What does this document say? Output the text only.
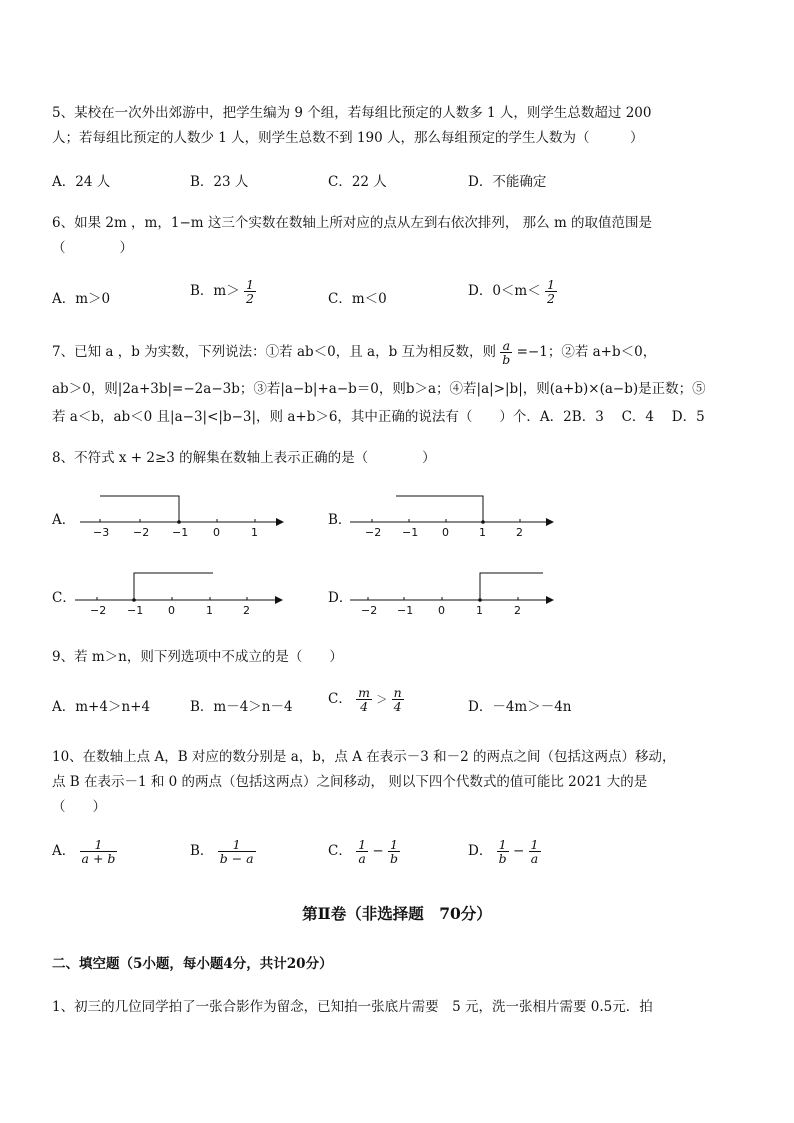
5、某校在一次外出郊游中，把学生编为 9 个组，若每组比预定的人数多 1 人，则学生总数超过 200
人；若每组比预定的人数少 1 人，则学生总数不到 190 人，那么每组预定的学生人数为（　　　）
A．24 人	B．23 人	C．22 人	D．不能确定
6、如果 2m ，m，1−m 这三个实数在数轴上所对应的点从左到右依次排列， 那么 m 的取值范围是
（　　　　）
A．m＞0	B．$m> \frac{1}{2}$	C．m＜0	D．$0<m< \frac{1}{2}$
7、已知 a ，b 为实数，下列说法：①若 ab＜0，且 a，b 互为相反数，则 $\frac{a}{b} =-1$；②若 a+b＜0，
ab＞0，则|2a+3b|=−2a−3b；③若|a−b|+a−b＝0，则b＞a；④若|a|>|b|，则(a+b)×(a−b)是正数；⑤
若 a＜b，ab＜0 且|a−3|<|b−3|，则 a+b＞6，其中正确的说法有（　　）个．A．2B．3　 C．4　 D．5
8、不符式 x + 2≥3 的解集在数轴上表示正确的是（　　　　）
A．	B．
C．	D．
−3 −2 −1 0	1	−2 −1 0	1	2
−2 −1 0	1	2	−2 −1 0	1	2
9、若 m＞n，则下列选项中不成立的是（　　）
A．m+4＞n+4	B．m－4＞n－4	C． $\frac{m}{4} > \frac{n}{4}$	D．－4m＞－4n
10、在数轴上点 A，B 对应的数分别是 a，b，点 A 在表示－3 和－2 的两点之间（包括这两点）移动，
点 B 在表示－1 和 0 的两点（包括这两点）之间移动， 则以下四个代数式的值可能比 2021 大的是
（　　）
A． $\frac{1}{a + b}$	B． $\frac{1}{b - a}$	C． $\frac{1}{a} - \frac{1}{b}$	D． $\frac{1}{b} - \frac{1}{a}$
第Ⅱ卷（非选择题　70分）
二、填空题（5小题，每小题4分，共计20分）
1、初三的几位同学拍了一张合影作为留念，已知拍一张底片需要　5 元，洗一张相片需要 0.5元．拍
